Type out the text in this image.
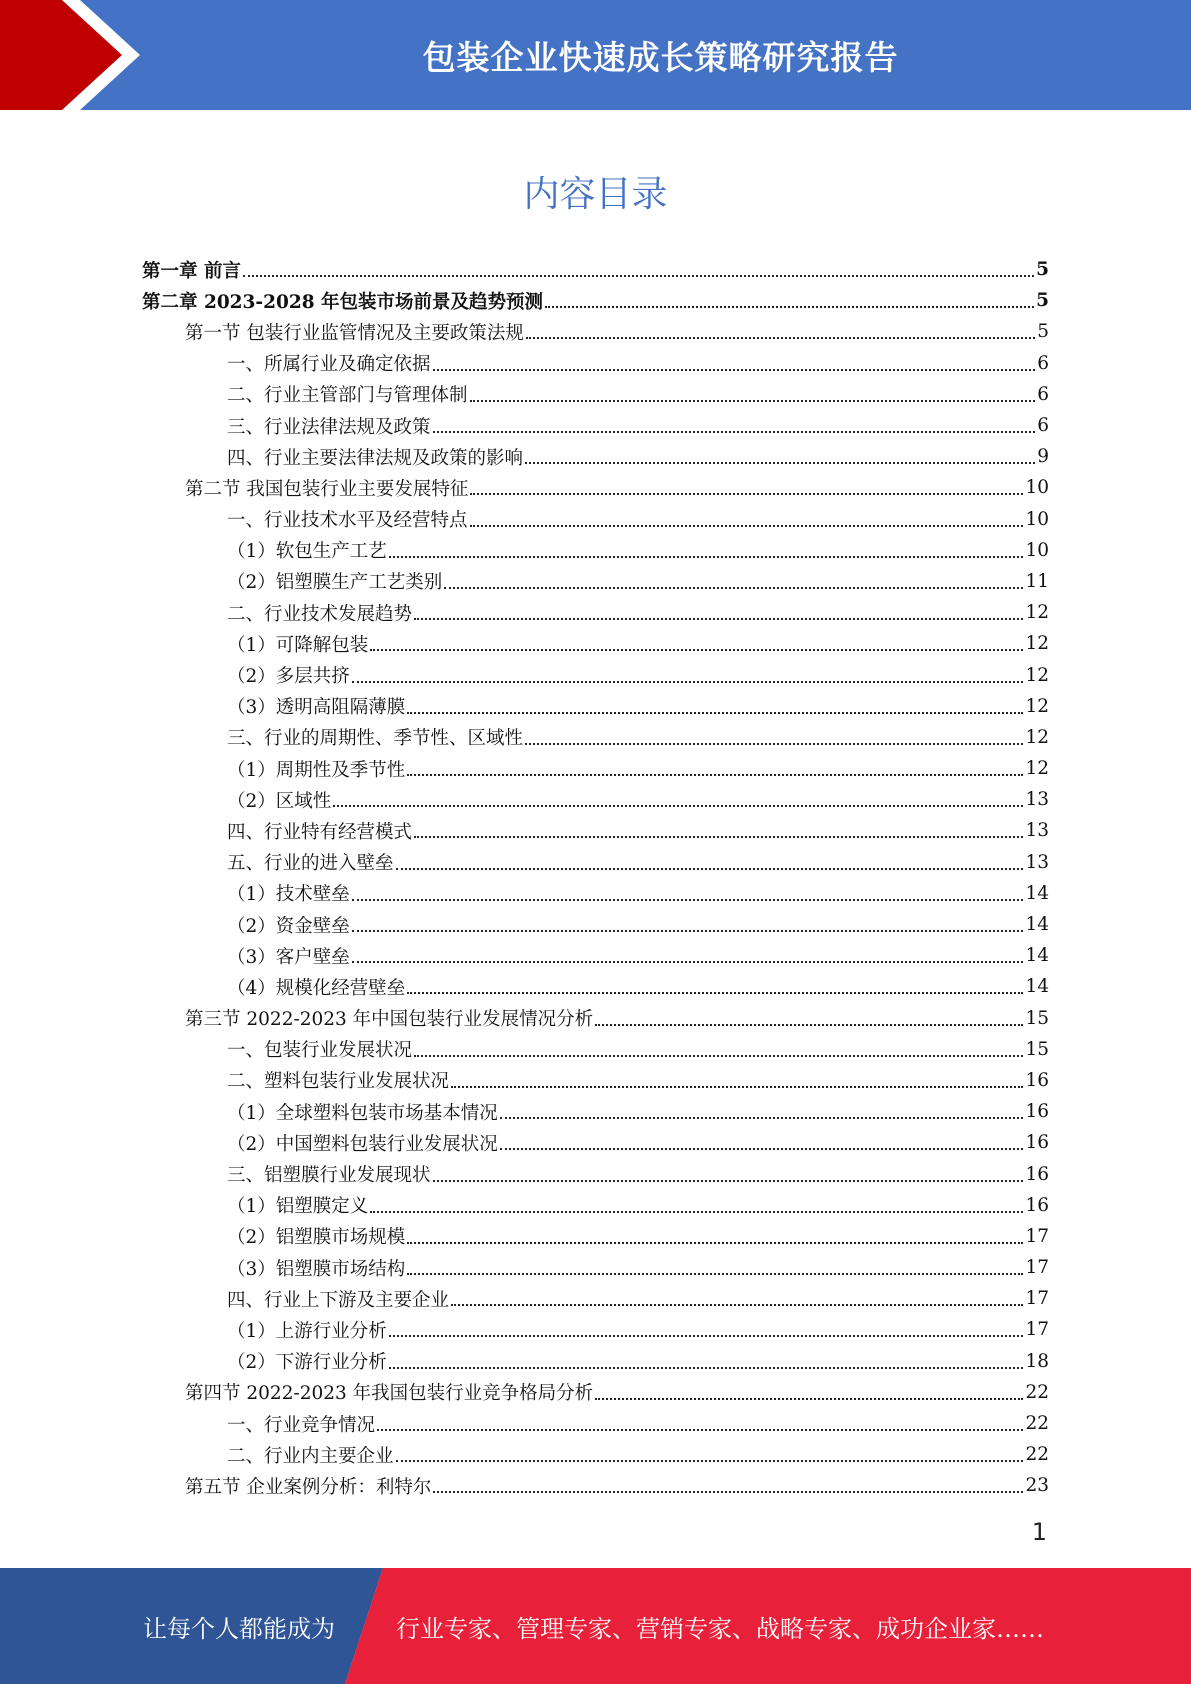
包装企业快速成长策略研究报告
内容目录
第一章 前言	5
第二章 2023-2028 年包装市场前景及趋势预测	5
第一节 包装行业监管情况及主要政策法规	5
一、所属行业及确定依据	6
二、行业主管部门与管理体制	6
三、行业法律法规及政策	6
四、行业主要法律法规及政策的影响	9
第二节 我国包装行业主要发展特征	10
一、行业技术水平及经营特点	10
（1）软包生产工艺	10
（2）铝塑膜生产工艺类别	11
二、行业技术发展趋势	12
（1）可降解包装	12
（2）多层共挤	12
（3）透明高阻隔薄膜	12
三、行业的周期性、季节性、区域性	12
（1）周期性及季节性	12
（2）区域性	13
四、行业特有经营模式	13
五、行业的进入壁垒	13
（1）技术壁垒	14
（2）资金壁垒	14
（3）客户壁垒	14
（4）规模化经营壁垒	14
第三节 2022-2023 年中国包装行业发展情况分析	15
一、包装行业发展状况	15
二、塑料包装行业发展状况	16
（1）全球塑料包装市场基本情况	16
（2）中国塑料包装行业发展状况	16
三、铝塑膜行业发展现状	16
（1）铝塑膜定义	16
（2）铝塑膜市场规模	17
（3）铝塑膜市场结构	17
四、行业上下游及主要企业	17
（1）上游行业分析	17
（2）下游行业分析	18
第四节 2022-2023 年我国包装行业竞争格局分析	22
一、行业竞争情况	22
二、行业内主要企业	22
第五节 企业案例分析：利特尔	23
1
让每个人都能成为	行业专家、管理专家、营销专家、战略专家、成功企业家……
